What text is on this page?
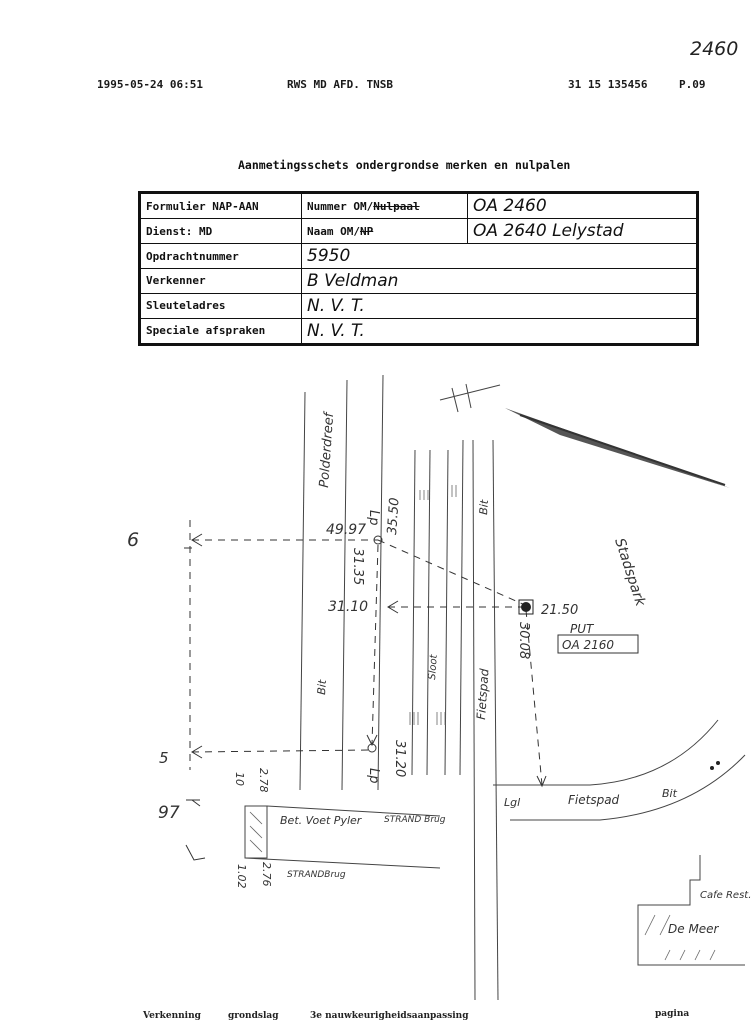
2460
1995-05-24 06:51	RWS MD AFD. TNSB	31 15 135456	P.09
Aanmetingsschets ondergrondse merken en nulpalen
Formulier NAP-AAN	Nummer OM/Nulpaal	OA 2460
Dienst: MD	Naam OM/NP	OA 2640 Lelystad
Opdrachtnummer	5950	
Verkenner	B Veldman	
Sleuteladres	N. V. T.	
Speciale afspraken	N. V. T.	
Polderdreef
Bit
Bit
Bit
Stadspark
Sloot
Fietspad
Fietspad
Lp
Lp
PUT
OA 2160
49.97 35.50
31.35
31.10	21.50
30.08
31.20
2.78
10
2.76
1.02
6
5
97
Lgl
Bet. Voet Pyler	STRAND Brug
STRANDBrug
Cafe Rest.
De Meer
Verkenning	grondslag	3e nauwkeurigheidsaanpassing	pagina
